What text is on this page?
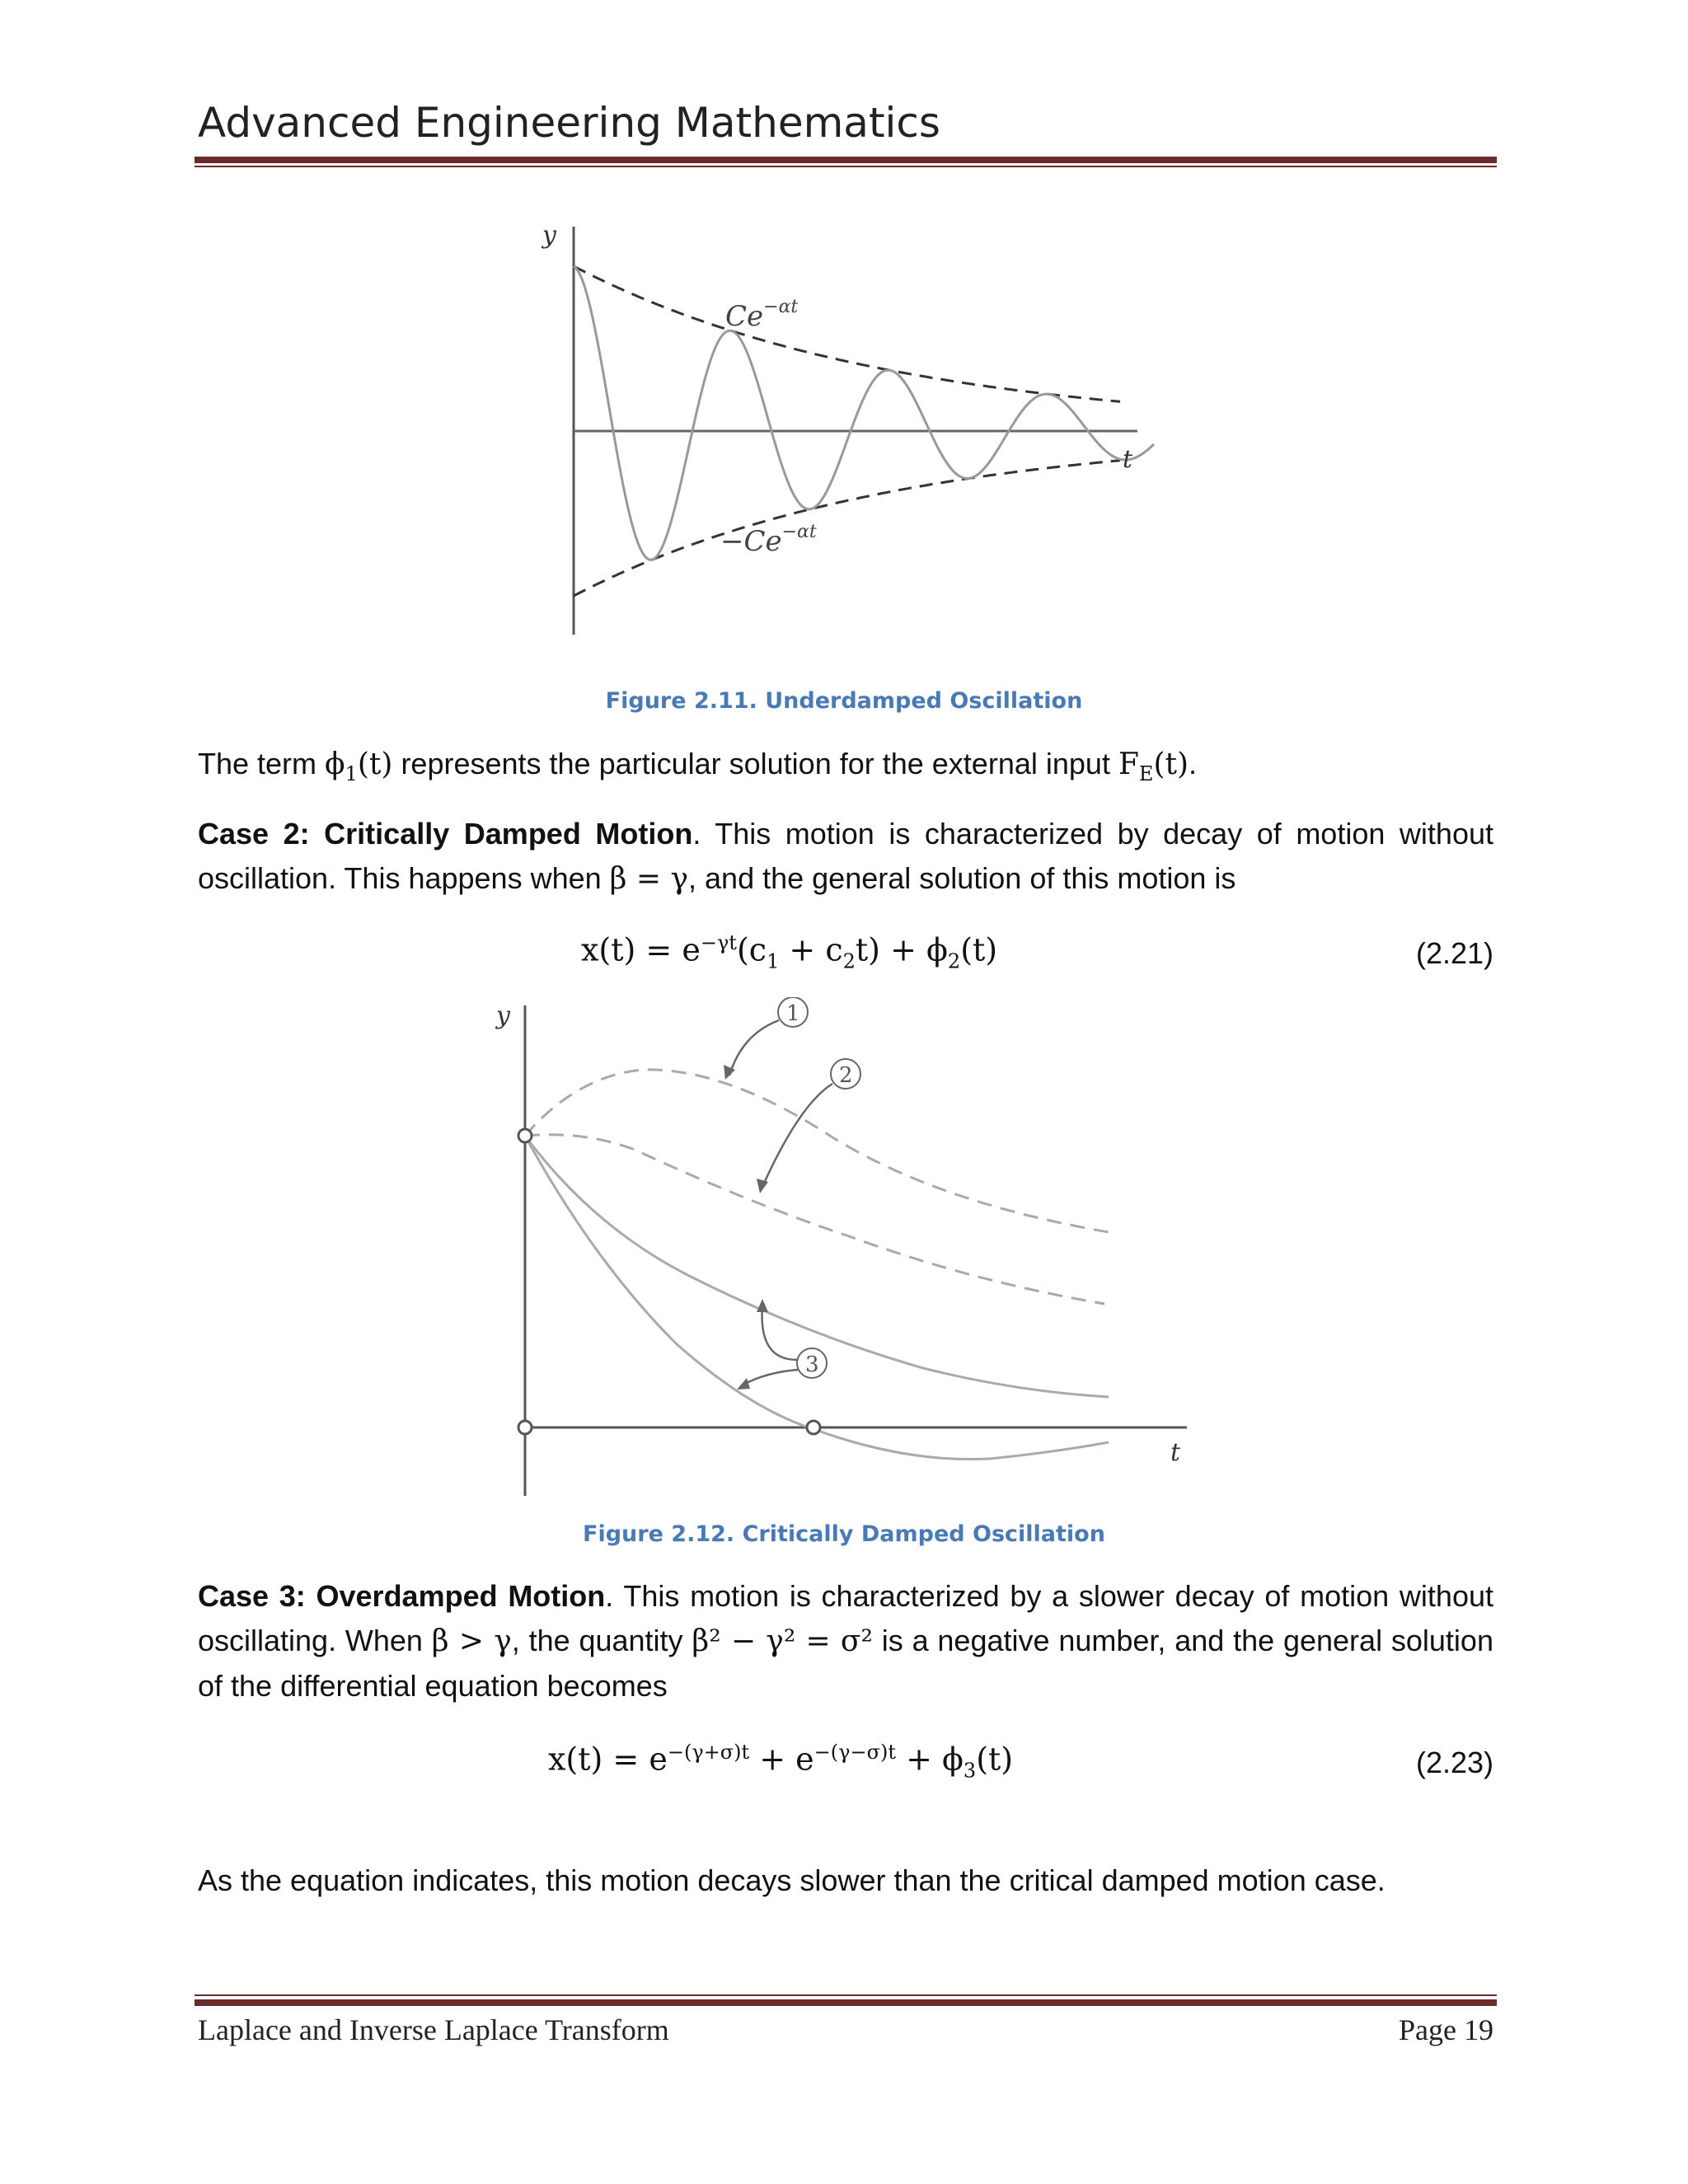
Advanced Engineering Mathematics
y
t
$Ce^{-\alpha t}$
$-Ce^{-\alpha t}$
Figure 2.11. Underdamped Oscillation
The term $\phi_1(t)$ represents the particular solution for the external input $F_E(t)$.
Case 2: Critically Damped Motion. This motion is characterized by decay of motion without oscillation. This happens when β = γ, and the general solution of this motion is
$x(t) = e^{-\gamma t}(c_1 + c_2t) + \phi_2(t)$	(2.21)
1
2
3
y
t
Figure 2.12. Critically Damped Oscillation
Case 3: Overdamped Motion. This motion is characterized by a slower decay of motion without oscillating. When β > γ, the quantity β² − γ² = σ² is a negative number, and the general solution of the differential equation becomes
$x(t) = e^{-(\gamma+\sigma)t} + e^{-(\gamma-\sigma)t} + \phi_3(t)$	(2.23)
As the equation indicates, this motion decays slower than the critical damped motion case.
Laplace and Inverse Laplace Transform	Page 19
